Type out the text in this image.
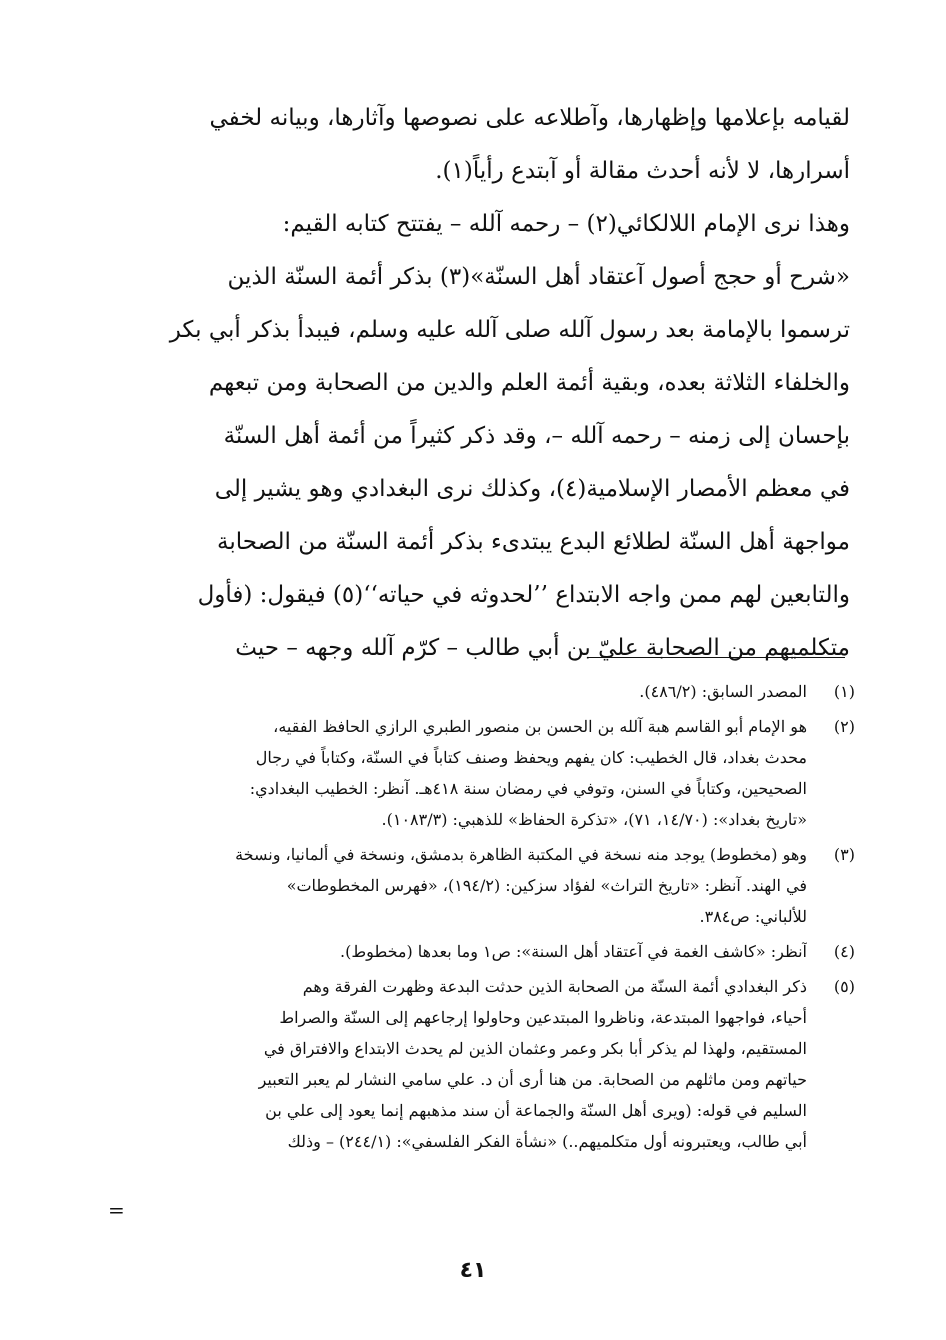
لقيامه بإعلامها وإظهارها، وآطلاعه على نصوصها وآثارها، وبيانه لخفي
أسرارها، لا لأنه أحدث مقالة أو آبتدع رأياً(١).
وهذا نرى الإمام اللالكائي(٢) – رحمه آلله – يفتتح كتابه القيم:
«شرح أو حجج أصول آعتقاد أهل السنّة»(٣) بذكر أئمة السنّة الذين
ترسموا بالإمامة بعد رسول آلله صلى آلله عليه وسلم، فيبدأ بذكر أبي بكر
والخلفاء الثلاثة بعده، وبقية أئمة العلم والدين من الصحابة ومن تبعهم
بإحسان إلى زمنه – رحمه آلله –، وقد ذكر كثيراً من أئمة أهل السنّة
في معظم الأمصار الإسلامية(٤)، وكذلك نرى البغدادي وهو يشير إلى
مواجهة أهل السنّة لطلائع البدع يبتدىء بذكر أئمة السنّة من الصحابة
والتابعين لهم ممن واجه الابتداع ’’لحدوثه في حياته‘‘(٥) فيقول: (فأول
متكلميهم من الصحابة عليّ بن أبي طالب – كرّم آلله وجهه – حيث
(١)
المصدر السابق: (٤٨٦/٢).
(٢)
هو الإمام أبو القاسم هبة آلله بن الحسن بن منصور الطبري الرازي الحافظ الفقيه،
محدث بغداد، قال الخطيب: كان يفهم ويحفظ وصنف كتاباً في السنّة، وكتاباً في رجال
الصحيحين، وكتاباً في السنن، وتوفي في رمضان سنة ٤١٨هـ. آنظر: الخطيب البغدادي:
«تاريخ بغداد»: (١٤/٧٠، ٧١)، «تذكرة الحفاظ» للذهبي: (١٠٨٣/٣).
(٣)
وهو (مخطوط) يوجد منه نسخة في المكتبة الظاهرة بدمشق، ونسخة في ألمانيا، ونسخة
في الهند. آنظر: «تاريخ التراث» لفؤاد سزكين: (١٩٤/٢)، «فهرس المخطوطات»
للألباني: ص٣٨٤.
(٤)
آنظر: «كاشف الغمة في آعتقاد أهل السنة»: ص١ وما بعدها (مخطوط).
(٥)
ذكر البغدادي أئمة السنّة من الصحابة الذين حدثت البدعة وظهرت الفرقة وهم
أحياء، فواجهوا المبتدعة، وناظروا المبتدعين وحاولوا إرجاعهم إلى السنّة والصراط
المستقيم، ولهذا لم يذكر أبا بكر وعمر وعثمان الذين لم يحدث الابتداع والافتراق في
حياتهم ومن ماثلهم من الصحابة. من هنا أرى أن د. علي سامي النشار لم يعبر التعبير
السليم في قوله: (ويرى أهل السنّة والجماعة أن سند مذهبهم إنما يعود إلى علي بن
أبي طالب، ويعتبرونه أول متكلميهم..) «نشأة الفكر الفلسفي»: (٢٤٤/١) – وذلك
=
٤١
